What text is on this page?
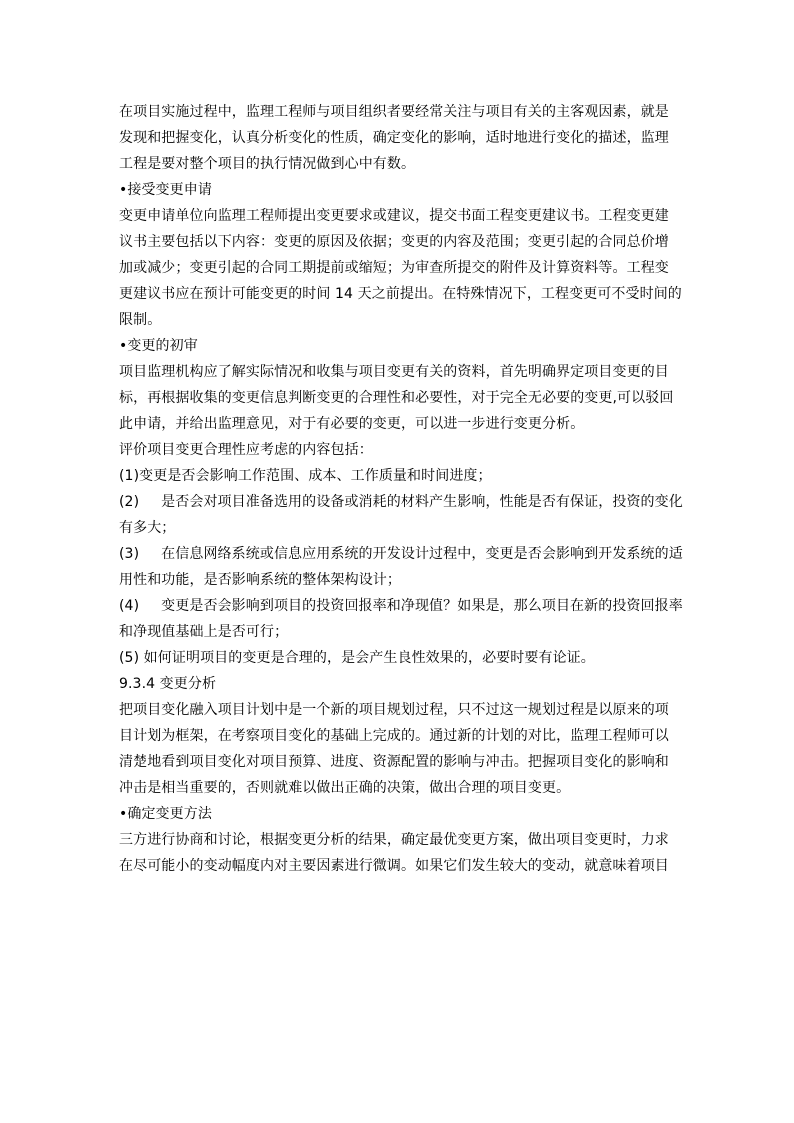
在项目实施过程中，监理工程师与项目组织者要经常关注与项目有关的主客观因素，就是
发现和把握变化，认真分析变化的性质，确定变化的影响，适时地进行变化的描述，监理
工程是要对整个项目的执行情况做到心中有数。
•接受变更申请
变更申请单位向监理工程师提出变更要求或建议，提交书面工程变更建议书。工程变更建
议书主要包括以下内容：变更的原因及依据；变更的内容及范围；变更引起的合同总价增
加或减少；变更引起的合同工期提前或缩短；为审查所提交的附件及计算资料等。工程变
更建议书应在预计可能变更的时间 14 天之前提出。在特殊情况下，工程变更可不受时间的
限制。
•变更的初审
项目监理机构应了解实际情况和收集与项目变更有关的资料，首先明确界定项目变更的目
标，再根据收集的变更信息判断变更的合理性和必要性，对于完全无必要的变更,可以驳回
此申请，并给出监理意见，对于有必要的变更，可以进一步进行变更分析。
评价项目变更合理性应考虑的内容包括：
(1)变更是否会影响工作范围、成本、工作质量和时间进度；
(2) 是否会对项目准备选用的设备或消耗的材料产生影响，性能是否有保证，投资的变化
有多大；
(3) 在信息网络系统或信息应用系统的开发设计过程中，变更是否会影响到开发系统的适
用性和功能，是否影响系统的整体架构设计；
(4) 变更是否会影响到项目的投资回报率和净现值？如果是，那么项目在新的投资回报率
和净现值基础上是否可行；
(5) 如何证明项目的变更是合理的，是会产生良性效果的，必要时要有论证。
9.3.4 变更分析
把项目变化融入项目计划中是一个新的项目规划过程，只不过这一规划过程是以原来的项
目计划为框架，在考察项目变化的基础上完成的。通过新的计划的对比，监理工程师可以
清楚地看到项目变化对项目预算、进度、资源配置的影响与冲击。把握项目变化的影响和
冲击是相当重要的，否则就难以做出正确的决策，做出合理的项目变更。
•确定变更方法
三方进行协商和讨论，根据变更分析的结果，确定最优变更方案，做出项目变更时，力求
在尽可能小的变动幅度内对主要因素进行微调。如果它们发生较大的变动，就意味着项目
